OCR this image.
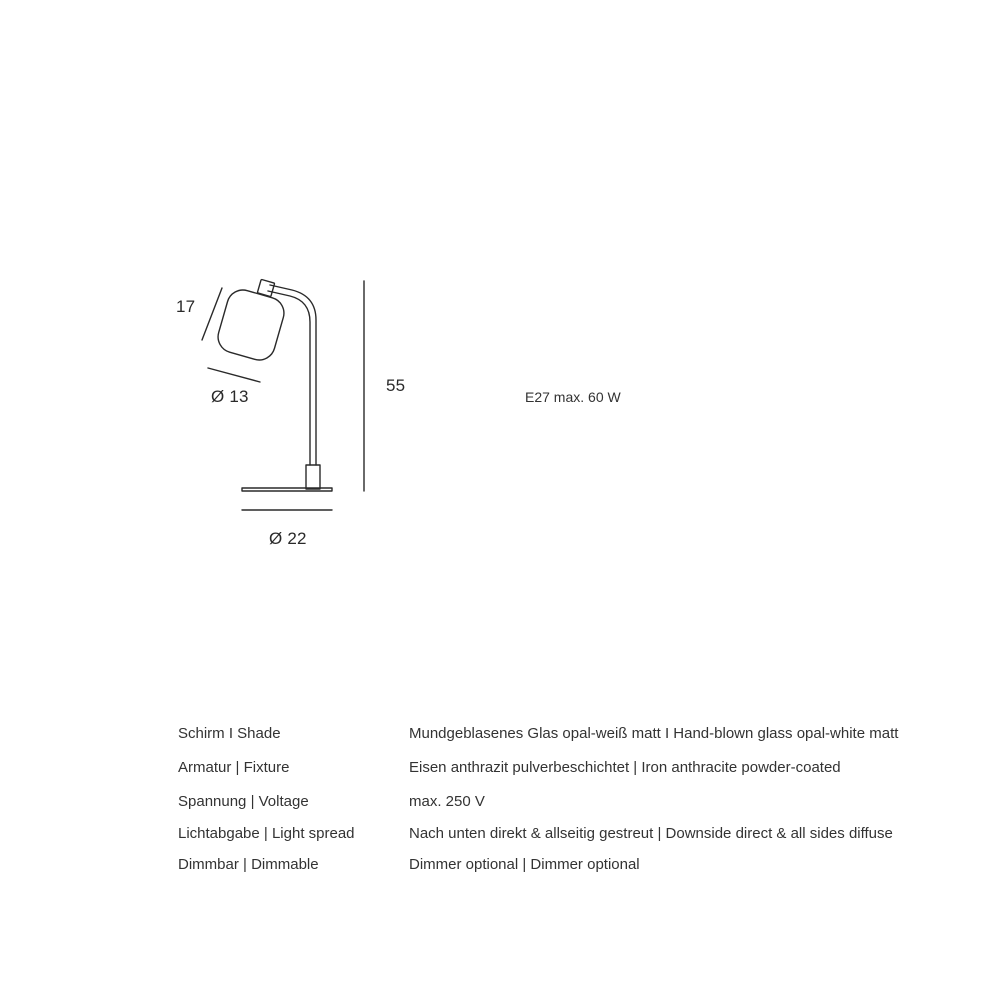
17
Ø 13
55
Ø 22
E27 max. 60 W
Schirm I Shade	Mundgeblasenes Glas opal-weiß matt I Hand-blown glass opal-white matt
Armatur | Fixture	Eisen anthrazit pulverbeschichtet | Iron anthracite powder-coated
Spannung | Voltage	max. 250 V
Lichtabgabe | Light spread	Nach unten direkt & allseitig gestreut | Downside direct & all sides diffuse
Dimmbar | Dimmable	Dimmer optional | Dimmer optional
